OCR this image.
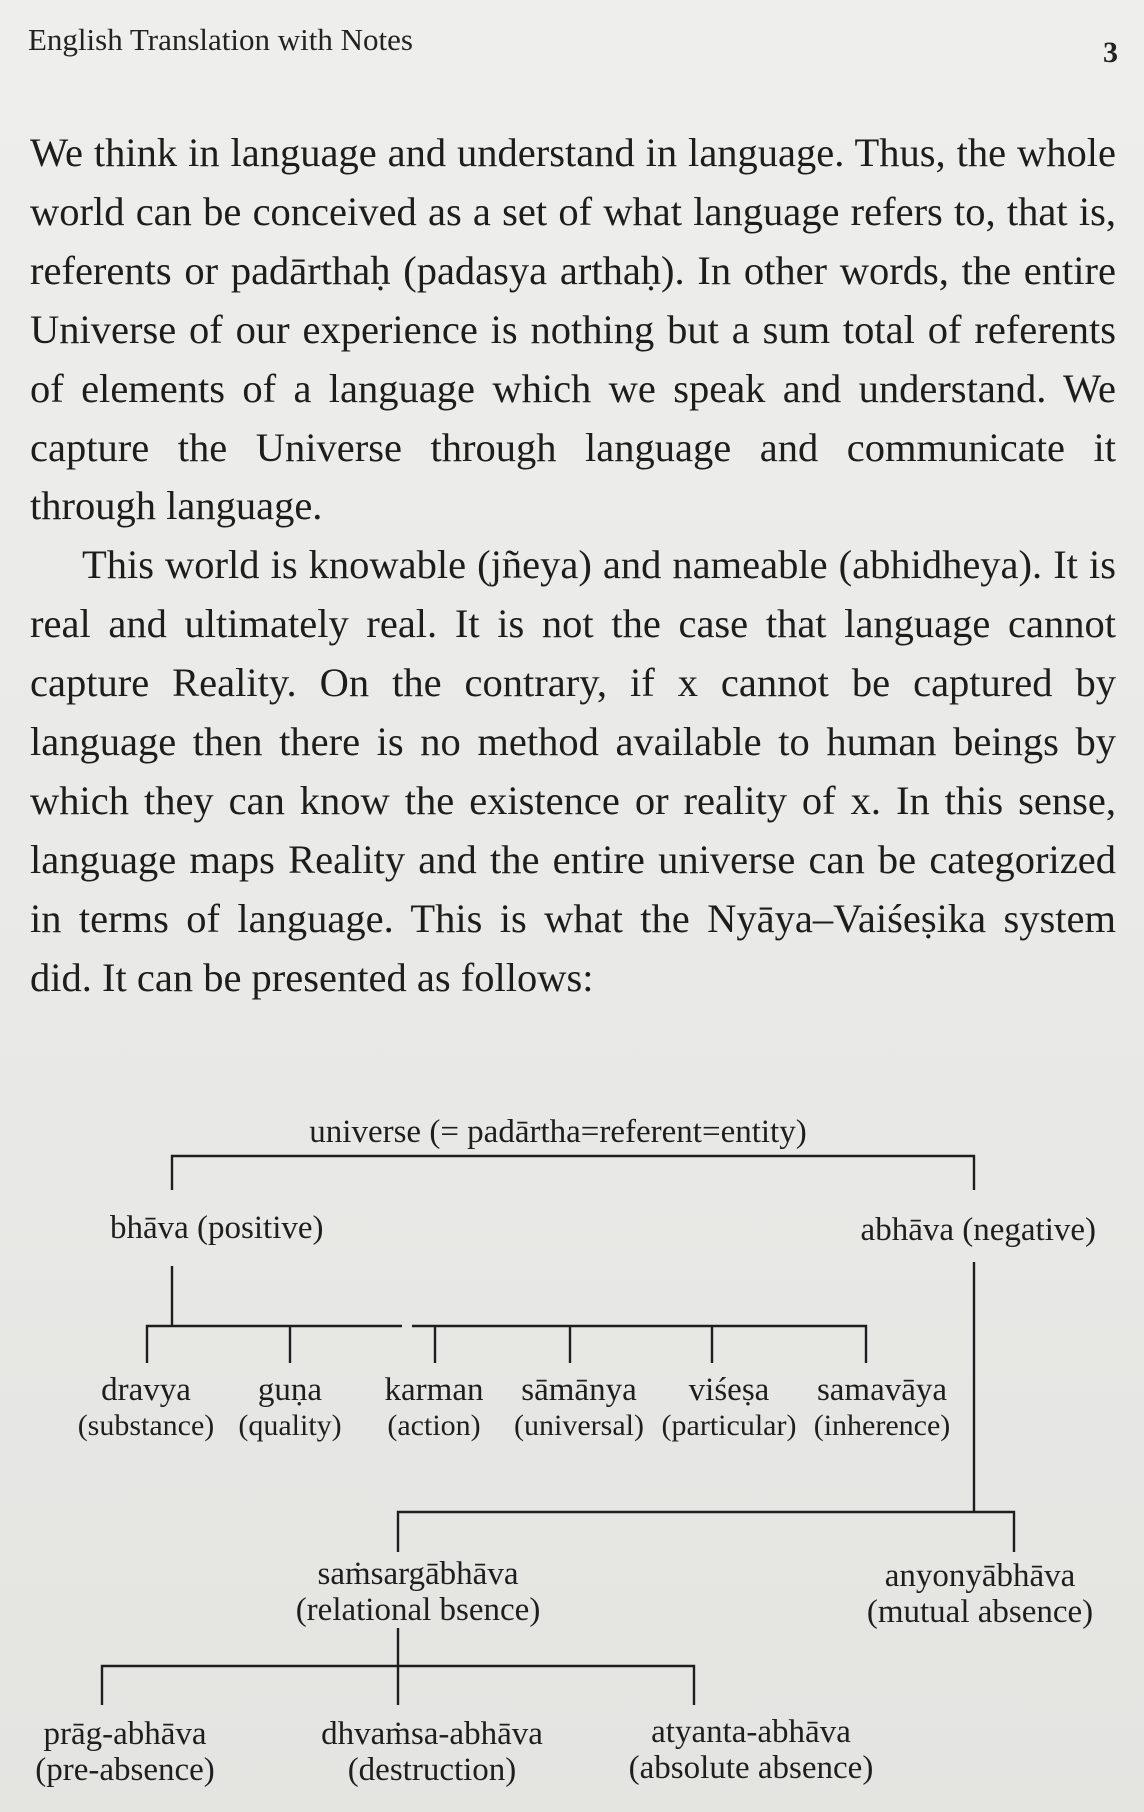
English Translation with Notes	3

We think in language and understand in language. Thus, the whole world can be conceived as a set of what language refers to, that is, referents or padārthaḥ (padasya arthaḥ). In other words, the entire Universe of our experience is nothing but a sum total of referents of elements of a language which we speak and understand. We capture the Universe through language and communicate it through language.

This world is knowable (jñeya) and nameable (abhidheya). It is real and ultimately real. It is not the case that language cannot capture Reality. On the contrary, if x cannot be captured by language then there is no method available to human beings by which they can know the existence or reality of x. In this sense, language maps Reality and the entire universe can be categorized in terms of language. This is what the Nyāya–Vaiśeṣika system did. It can be presented as follows:

universe (= padārtha=referent=entity)
bhāva (positive)	abhāva (negative)
dravya
(substance)
guṇa
(quality)
karman
(action)
sāmānya
(universal)
viśeṣa
(particular)
samavāya
(inherence)
saṁsargābhāva
(relational bsence)
anyonyābhāva
(mutual absence)
prāg-abhāva
(pre-absence)
dhvaṁsa-abhāva
(destruction)
atyanta-abhāva
(absolute absence)
